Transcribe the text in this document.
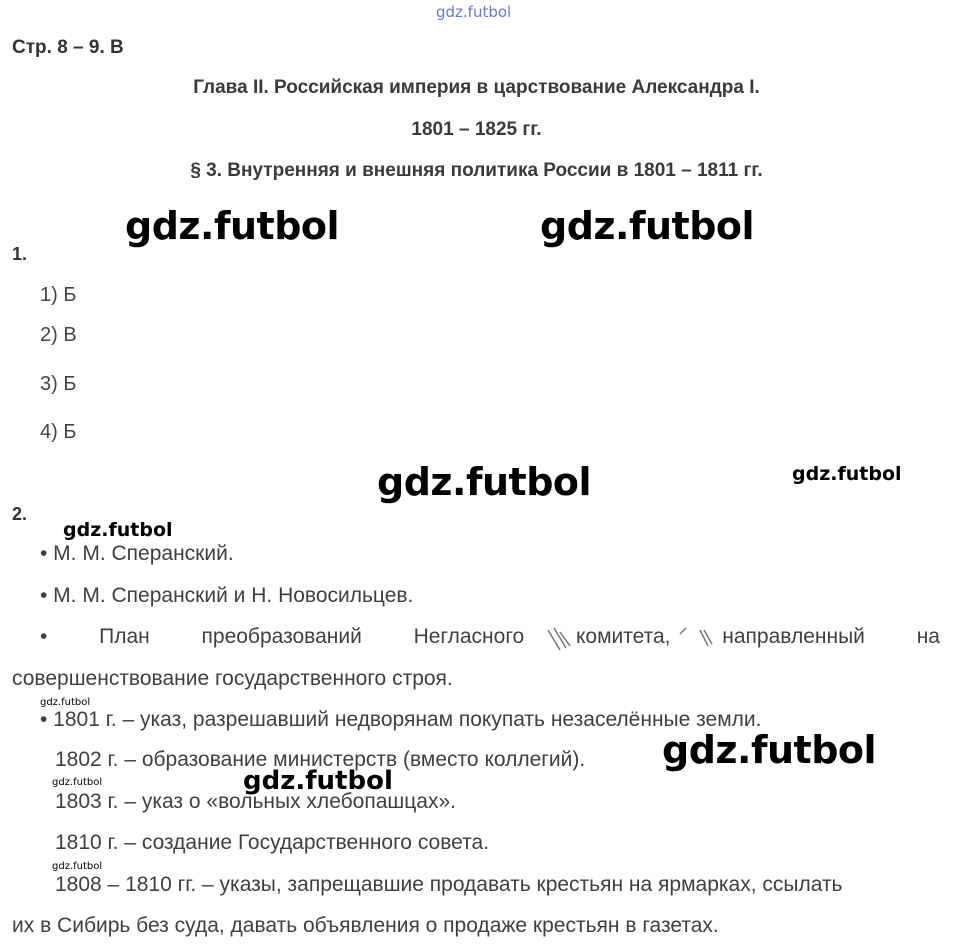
gdz.futbol
Стр. 8 – 9. В
Глава II. Российская империя в царствование Александра I.
1801 – 1825 гг.
§ 3. Внутренняя и внешняя политика России в 1801 – 1811 гг.
gdz.futbol	gdz.futbol
1.
1) Б
2) В
3) Б
4) Б
gdz.futbol	gdz.futbol
2.
gdz.futbol
• М. М. Сперанский.
• М. М. Сперанский и Н. Новосильцев.
• План преобразований Негласного комитета, направленный на
совершенствование государственного строя.
gdz.futbol
• 1801 г. – указ, разрешавший недворянам покупать незаселённые земли.
1802 г. – образование министерств (вместо коллегий). gdz.futbol
gdz.futbol	gdz.futbol
1803 г. – указ о «вольных хлебопашцах».
1810 г. – создание Государственного совета.
gdz.futbol
1808 – 1810 гг. – указы, запрещавшие продавать крестьян на ярмарках, ссылать
их в Сибирь без суда, давать объявления о продаже крестьян в газетах.
